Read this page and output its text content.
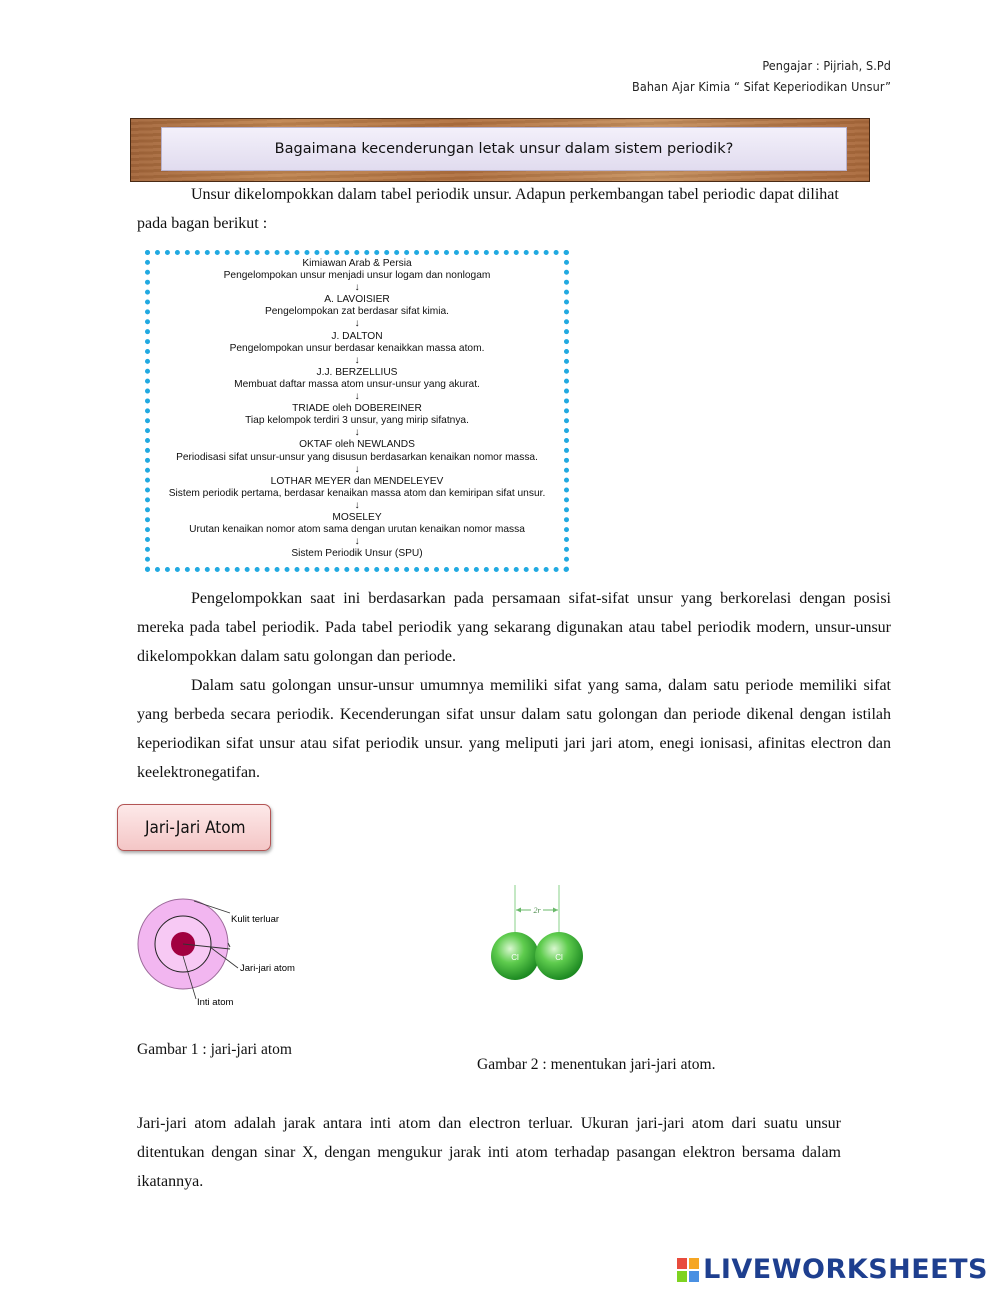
Pengajar : Pijriah, S.Pd
Bahan Ajar Kimia “ Sifat Keperiodikan Unsur”
Bagaimana kecenderungan letak unsur dalam sistem periodik?
Unsur dikelompokkan dalam tabel periodik unsur. Adapun perkembangan tabel periodic dapat dilihat
pada bagan berikut :
Kimiawan Arab & Persia
Pengelompokan unsur menjadi unsur logam dan nonlogam
↓
A. LAVOISIER
Pengelompokan zat berdasar sifat kimia.
↓
J. DALTON
Pengelompokan unsur berdasar kenaikkan massa atom.
↓
J.J. BERZELLIUS
Membuat daftar massa atom unsur-unsur yang akurat.
↓
TRIADE oleh DOBEREINER
Tiap kelompok terdiri 3 unsur, yang mirip sifatnya.
↓
OKTAF oleh NEWLANDS
Periodisasi sifat unsur-unsur yang disusun berdasarkan kenaikan nomor massa.
↓
LOTHAR MEYER dan MENDELEYEV
Sistem periodik pertama, berdasar kenaikan massa atom dan kemiripan sifat unsur.
↓
MOSELEY
Urutan kenaikan nomor atom sama dengan urutan kenaikan nomor massa
↓
Sistem Periodik Unsur (SPU)
Pengelompokkan saat ini berdasarkan pada persamaan sifat-sifat unsur yang berkorelasi dengan posisi mereka pada tabel periodik. Pada tabel periodik yang sekarang digunakan atau tabel periodik modern, unsur-unsur dikelompokkan dalam satu golongan dan periode.
Dalam satu golongan unsur-unsur umumnya memiliki sifat yang sama, dalam satu periode memiliki sifat yang berbeda secara periodik. Kecenderungan sifat unsur dalam satu golongan dan periode dikenal dengan istilah keperiodikan sifat unsur atau sifat periodik unsur. yang meliputi jari jari atom, enegi ionisasi, afinitas electron dan keelektronegatifan.
Jari-Jari Atom
Kulit terluar
Jari-jari atom
Inti atom
2r
Cl	Cl
Gambar 1 : jari-jari atom
Gambar 2 : menentukan jari-jari atom.
Jari-jari atom adalah jarak antara inti atom dan electron terluar. Ukuran jari-jari atom dari suatu unsur ditentukan dengan sinar X, dengan mengukur jarak inti atom terhadap pasangan elektron bersama dalam ikatannya.
LIVEWORKSHEETS
